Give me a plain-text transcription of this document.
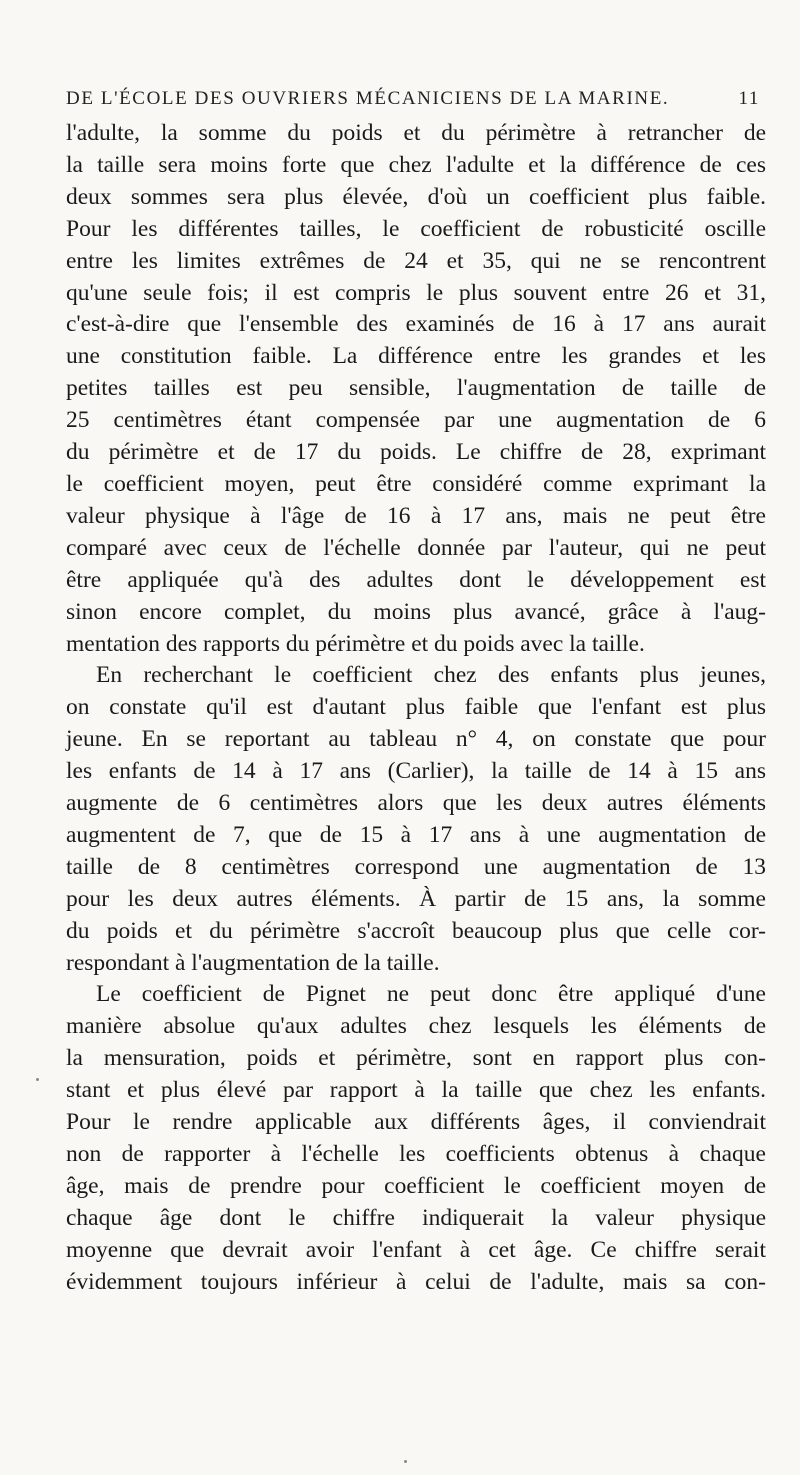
DE L'ÉCOLE DES OUVRIERS MÉCANICIENS DE LA MARINE.	11
l'adulte, la somme du poids et du périmètre à retrancher de
la taille sera moins forte que chez l'adulte et la différence de ces
deux sommes sera plus élevée, d'où un coefficient plus faible.
Pour les différentes tailles, le coefficient de robusticité oscille
entre les limites extrêmes de 24 et 35, qui ne se rencontrent
qu'une seule fois; il est compris le plus souvent entre 26 et 31,
c'est-à-dire que l'ensemble des examinés de 16 à 17 ans aurait
une constitution faible. La différence entre les grandes et les
petites tailles est peu sensible, l'augmentation de taille de
25 centimètres étant compensée par une augmentation de 6
du périmètre et de 17 du poids. Le chiffre de 28, exprimant
le coefficient moyen, peut être considéré comme exprimant la
valeur physique à l'âge de 16 à 17 ans, mais ne peut être
comparé avec ceux de l'échelle donnée par l'auteur, qui ne peut
être appliquée qu'à des adultes dont le développement est
sinon encore complet, du moins plus avancé, grâce à l'aug-
mentation des rapports du périmètre et du poids avec la taille.
En recherchant le coefficient chez des enfants plus jeunes,
on constate qu'il est d'autant plus faible que l'enfant est plus
jeune. En se reportant au tableau n° 4, on constate que pour
les enfants de 14 à 17 ans (Carlier), la taille de 14 à 15 ans
augmente de 6 centimètres alors que les deux autres éléments
augmentent de 7, que de 15 à 17 ans à une augmentation de
taille de 8 centimètres correspond une augmentation de 13
pour les deux autres éléments. À partir de 15 ans, la somme
du poids et du périmètre s'accroît beaucoup plus que celle cor-
respondant à l'augmentation de la taille.
Le coefficient de Pignet ne peut donc être appliqué d'une
manière absolue qu'aux adultes chez lesquels les éléments de
la mensuration, poids et périmètre, sont en rapport plus con-
stant et plus élevé par rapport à la taille que chez les enfants.
Pour le rendre applicable aux différents âges, il conviendrait
non de rapporter à l'échelle les coefficients obtenus à chaque
âge, mais de prendre pour coefficient le coefficient moyen de
chaque âge dont le chiffre indiquerait la valeur physique
moyenne que devrait avoir l'enfant à cet âge. Ce chiffre serait
évidemment toujours inférieur à celui de l'adulte, mais sa con-
